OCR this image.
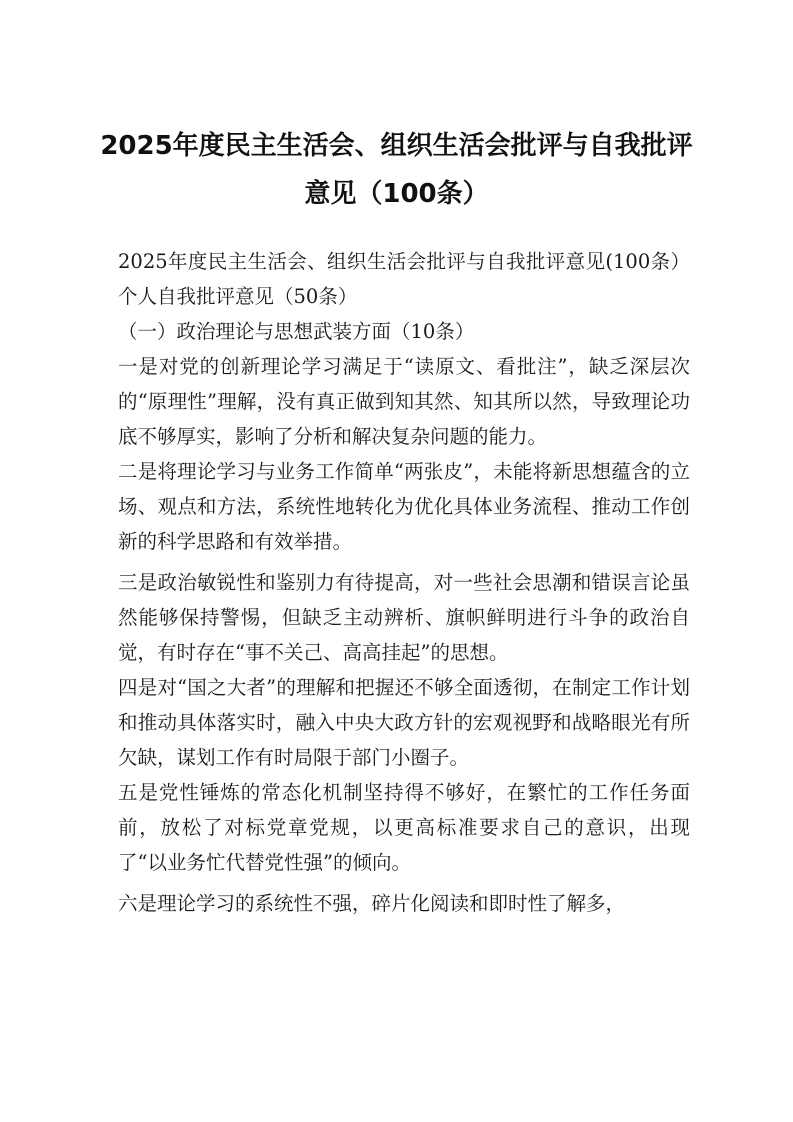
2025年度民主生活会、组织生活会批评与自我批评意见（100条）

2025年度民主生活会、组织生活会批评与自我批评意见(100条）个人自我批评意见（50条）

（一）政治理论与思想武装方面（10条）

一是对党的创新理论学习满足于“读原文、看批注”，缺乏深层次的“原理性”理解，没有真正做到知其然、知其所以然，导致理论功底不够厚实，影响了分析和解决复杂问题的能力。

二是将理论学习与业务工作简单“两张皮”，未能将新思想蕴含的立场、观点和方法，系统性地转化为优化具体业务流程、推动工作创新的科学思路和有效举措。

三是政治敏锐性和鉴别力有待提高，对一些社会思潮和错误言论虽然能够保持警惕，但缺乏主动辨析、旗帜鲜明进行斗争的政治自觉，有时存在“事不关己、高高挂起”的思想。

四是对“国之大者”的理解和把握还不够全面透彻，在制定工作计划和推动具体落实时，融入中央大政方针的宏观视野和战略眼光有所欠缺，谋划工作有时局限于部门小圈子。

五是党性锤炼的常态化机制坚持得不够好，在繁忙的工作任务面前，放松了对标党章党规，以更高标准要求自己的意识，出现了“以业务忙代替党性强”的倾向。

六是理论学习的系统性不强，碎片化阅读和即时性了解多，
